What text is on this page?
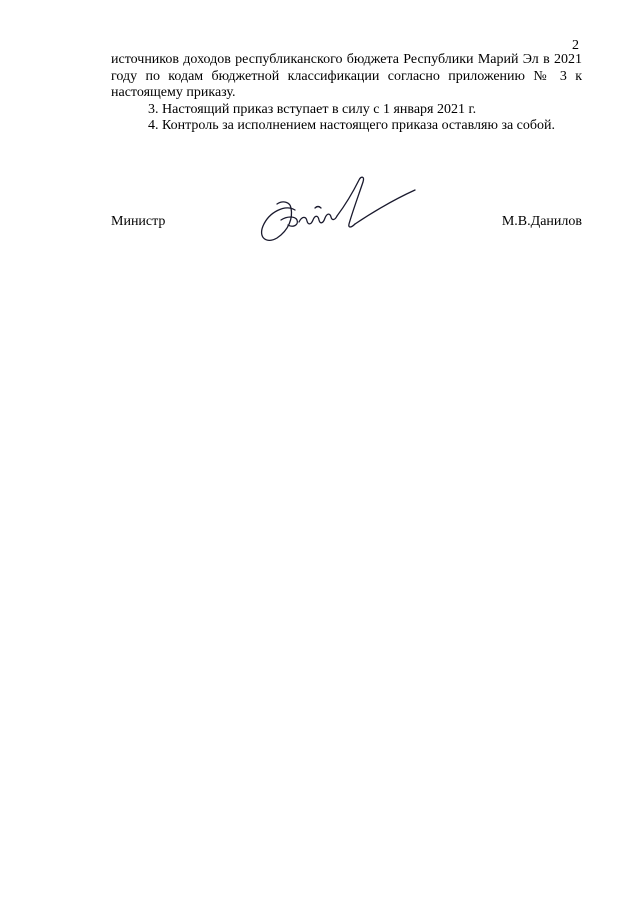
2

источников доходов республиканского бюджета Республики Марий Эл в 2021 году по кодам бюджетной классификации согласно приложению № 3 к настоящему приказу.

3. Настоящий приказ вступает в силу с 1 января 2021 г.

4. Контроль за исполнением настоящего приказа оставляю за собой.

Министр	М.В.Данилов
